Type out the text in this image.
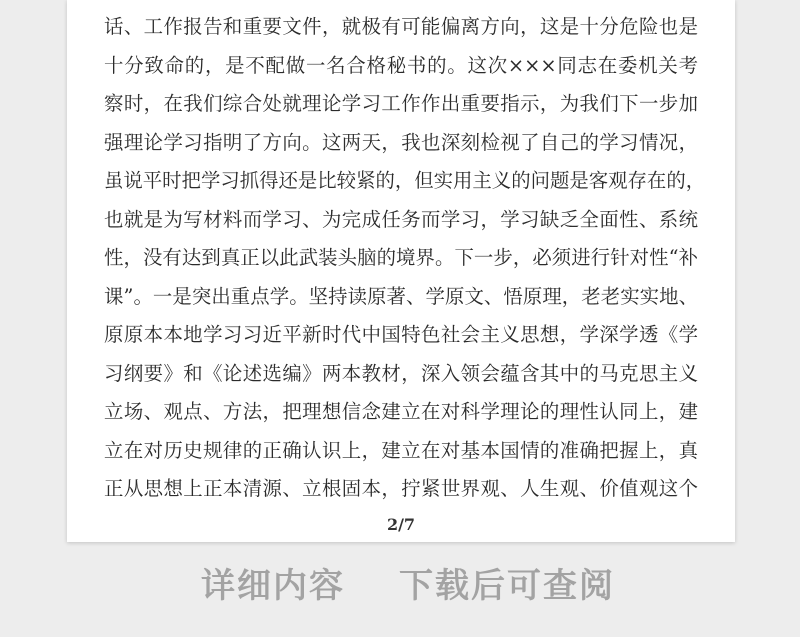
话、工作报告和重要文件，就极有可能偏离方向，这是十分危险也是
十分致命的，是不配做一名合格秘书的。这次×××同志在委机关考
察时，在我们综合处就理论学习工作作出重要指示，为我们下一步加
强理论学习指明了方向。这两天，我也深刻检视了自己的学习情况，
虽说平时把学习抓得还是比较紧的，但实用主义的问题是客观存在的，
也就是为写材料而学习、为完成任务而学习，学习缺乏全面性、系统
性，没有达到真正以此武装头脑的境界。下一步，必须进行针对性“补
课”。一是突出重点学。坚持读原著、学原文、悟原理，老老实实地、
原原本本地学习习近平新时代中国特色社会主义思想，学深学透《学
习纲要》和《论述选编》两本教材，深入领会蕴含其中的马克思主义
立场、观点、方法，把理想信念建立在对科学理论的理性认同上，建
立在对历史规律的正确认识上，建立在对基本国情的准确把握上，真
正从思想上正本清源、立根固本，拧紧世界观、人生观、价值观这个
2/7
详细内容 下载后可查阅
